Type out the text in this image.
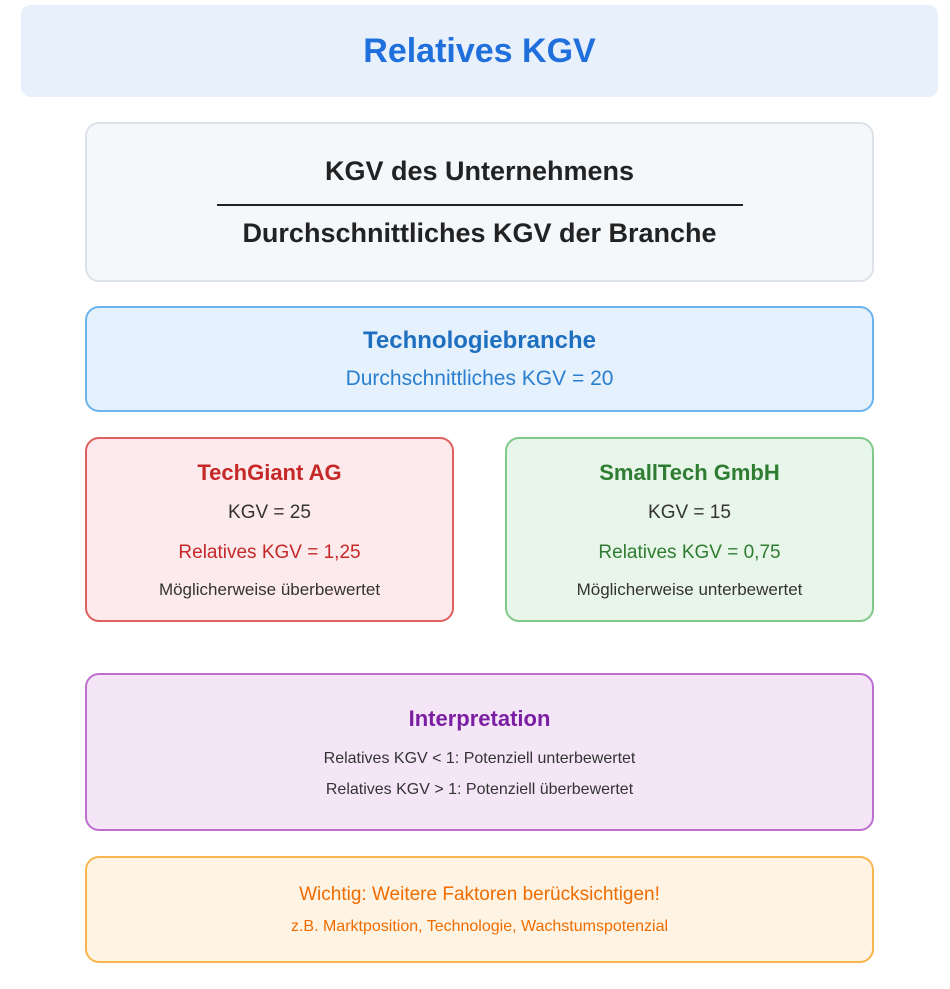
Relatives KGV
KGV des Unternehmens
Durchschnittliches KGV der Branche
Technologiebranche
Durchschnittliches KGV = 20
TechGiant AG
KGV = 25
Relatives KGV = 1,25
Möglicherweise überbewertet
SmallTech GmbH
KGV = 15
Relatives KGV = 0,75
Möglicherweise unterbewertet
Interpretation
Relatives KGV < 1: Potenziell unterbewertet
Relatives KGV > 1: Potenziell überbewertet
Wichtig: Weitere Faktoren berücksichtigen!
z.B. Marktposition, Technologie, Wachstumspotenzial
